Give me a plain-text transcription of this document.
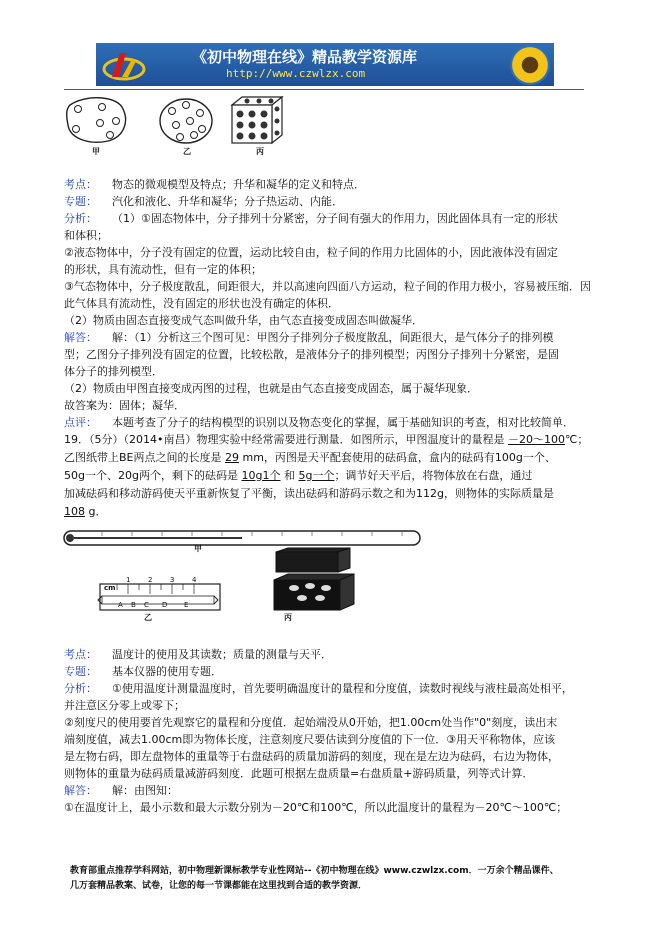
《初中物理在线》精品教学资源库
http://www.czwlzx.com
甲	乙	丙
考点： 物态的微观模型及特点；升华和凝华的定义和特点．
专题： 汽化和液化、升华和凝华；分子热运动、内能．
分析： （1）①固态物体中，分子排列十分紧密，分子间有强大的作用力，因此固体具有一定的形状
和体积；
②液态物体中，分子没有固定的位置，运动比较自由，粒子间的作用力比固体的小，因此液体没有固定
的形状，具有流动性，但有一定的体积；
③气态物体中，分子极度散乱，间距很大，并以高速向四面八方运动，粒子间的作用力极小，容易被压缩．因
此气体具有流动性，没有固定的形状也没有确定的体积．
（2）物质由固态直接变成气态叫做升华，由气态直接变成固态叫做凝华．
解答： 解：（1）分析这三个图可见：甲图分子排列分子极度散乱，间距很大，是气体分子的排列模
型；乙图分子排列没有固定的位置，比较松散，是液体分子的排列模型；丙图分子排列十分紧密，是固
体分子的排列模型．
（2）物质由甲图直接变成丙图的过程，也就是由气态直接变成固态，属于凝华现象．
故答案为：固体；凝华．
点评： 本题考查了分子的结构模型的识别以及物态变化的掌握，属于基础知识的考查，相对比较简单．
19．（5分）（2014•南昌）物理实验中经常需要进行测量．如图所示，甲图温度计的量程是 －20～100℃；
乙图纸带上BE两点之间的长度是 29 mm，丙图是天平配套使用的砝码盒，盒内的砝码有100g一个、
50g一个、20g两个，剩下的砝码是 10g1个 和 5g一个；调节好天平后，将物体放在右盘，通过
加减砝码和移动游码使天平重新恢复了平衡，读出砝码和游码示数之和为112g，则物体的实际质量是
108 g．
甲
cm
1	2	3	4
A B C D E
乙	丙
考点： 温度计的使用及其读数；质量的测量与天平．
专题： 基本仪器的使用专题．
分析： ①使用温度计测量温度时，首先要明确温度计的量程和分度值，读数时视线与液柱最高处相平，
并注意区分零上或零下；
②刻度尺的使用要首先观察它的量程和分度值．起始端没从0开始，把1.00cm处当作"0"刻度，读出末
端刻度值，减去1.00cm即为物体长度，注意刻度尺要估读到分度值的下一位．③用天平称物体，应该
是左物右码，即左盘物体的重量等于右盘砝码的质量加游码的刻度，现在是左边为砝码，右边为物体，
则物体的重量为砝码质量减游码刻度．此题可根据左盘质量=右盘质量+游码质量，列等式计算．
解答： 解：由图知：
①在温度计上，最小示数和最大示数分别为－20℃和100℃，所以此温度计的量程为－20℃～100℃；
教育部重点推荐学科网站，初中物理新课标教学专业性网站--《初中物理在线》www.czwlzx.com．一万余个精品课件、
几万套精品教案、试卷，让您的每一节课都能在这里找到合适的教学资源．
